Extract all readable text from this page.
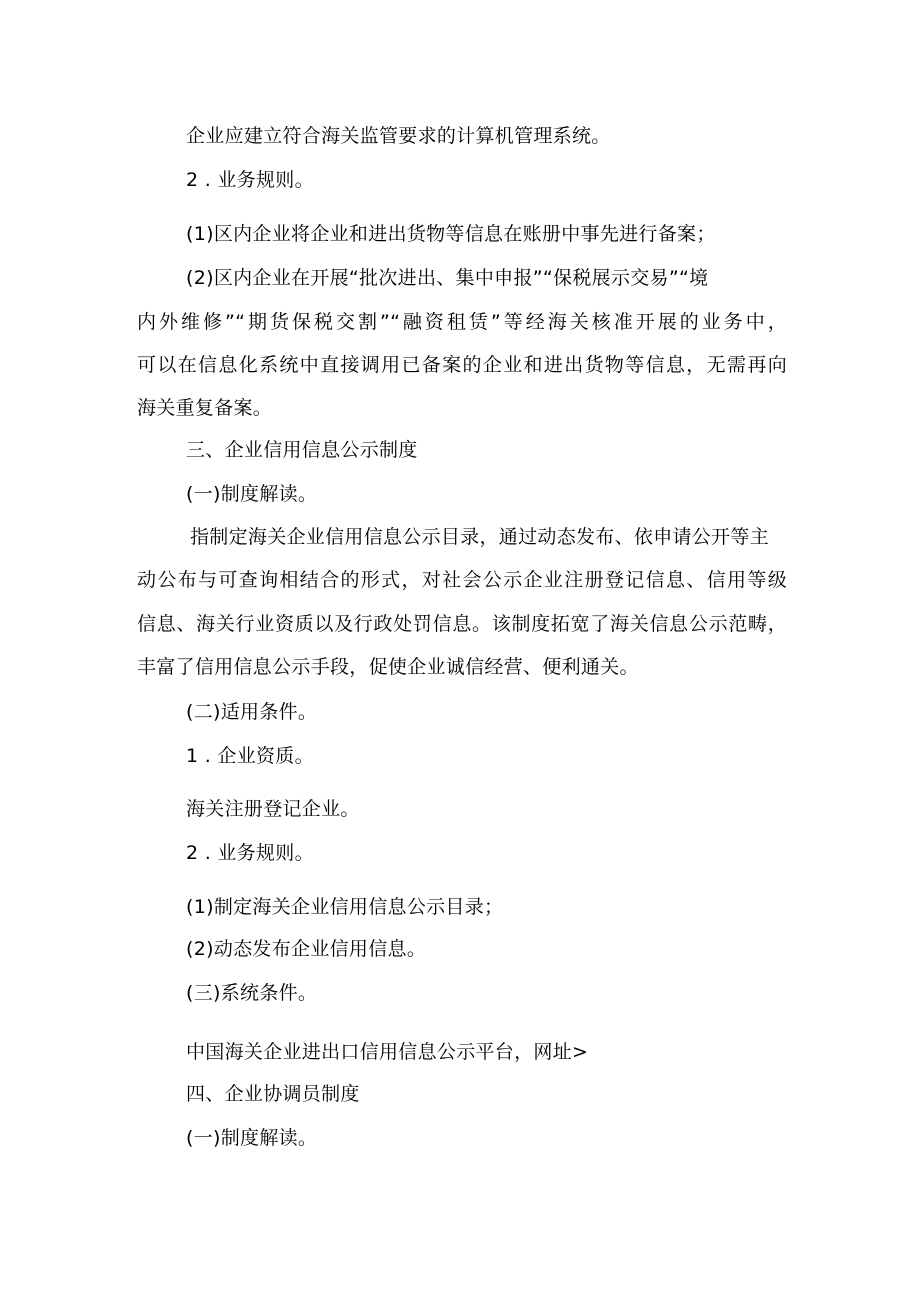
企业应建立符合海关监管要求的计算机管理系统。
2 . 业务规则。
(1)区内企业将企业和进出货物等信息在账册中事先进行备案；
(2)区内企业在开展“批次进出、集中申报”“保税展示交易”“境
内外维修”“期货保税交割”“融资租赁”等经海关核准开展的业务中，
可以在信息化系统中直接调用已备案的企业和进出货物等信息，无需再向
海关重复备案。
三、企业信用信息公示制度
(一)制度解读。
指制定海关企业信用信息公示目录，通过动态发布、依申请公开等主
动公布与可查询相结合的形式，对社会公示企业注册登记信息、信用等级
信息、海关行业资质以及行政处罚信息。该制度拓宽了海关信息公示范畴，
丰富了信用信息公示手段，促使企业诚信经营、便利通关。
(二)适用条件。
1 . 企业资质。
海关注册登记企业。
2 . 业务规则。
(1)制定海关企业信用信息公示目录；
(2)动态发布企业信用信息。
(三)系统条件。
中国海关企业进出口信用信息公示平台，网址>
四、企业协调员制度
(一)制度解读。
